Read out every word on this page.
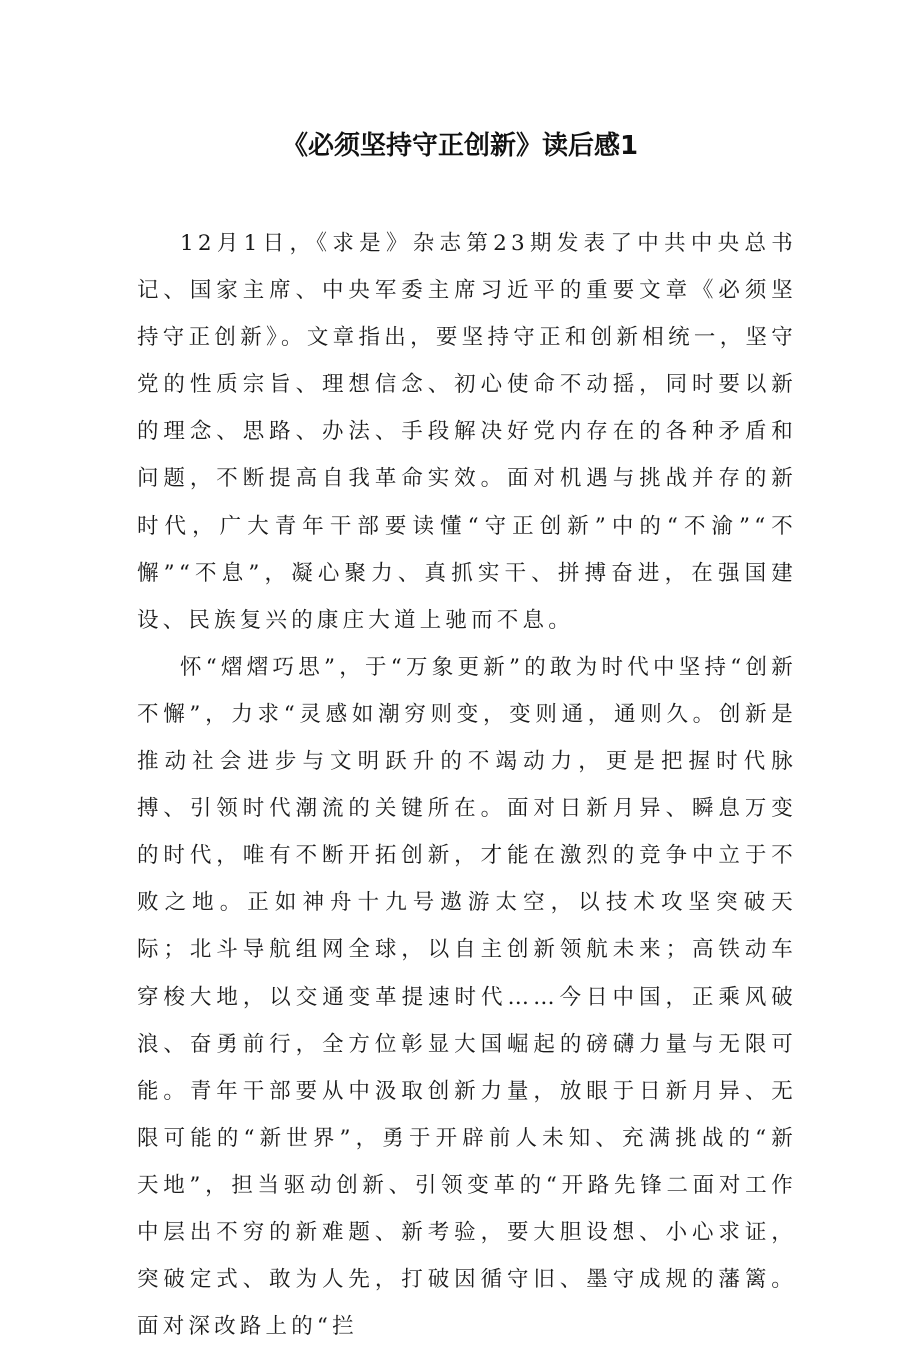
《必须坚持守正创新》读后感1

12月1日，《求是》杂志第23期发表了中共中央总书记、国家主席、中央军委主席习近平的重要文章《必须坚持守正创新》。文章指出，要坚持守正和创新相统一，坚守党的性质宗旨、理想信念、初心使命不动摇，同时要以新的理念、思路、办法、手段解决好党内存在的各种矛盾和问题，不断提高自我革命实效。面对机遇与挑战并存的新时代，广大青年干部要读懂“守正创新”中的“不渝”“不懈”“不息”，凝心聚力、真抓实干、拼搏奋进，在强国建设、民族复兴的康庄大道上驰而不息。

怀“熠熠巧思”，于“万象更新”的敢为时代中坚持“创新不懈”，力求“灵感如潮穷则变，变则通，通则久。创新是推动社会进步与文明跃升的不竭动力，更是把握时代脉搏、引领时代潮流的关键所在。面对日新月异、瞬息万变的时代，唯有不断开拓创新，才能在激烈的竞争中立于不败之地。正如神舟十九号遨游太空，以技术攻坚突破天际；北斗导航组网全球，以自主创新领航未来；高铁动车穿梭大地，以交通变革提速时代……今日中国，正乘风破浪、奋勇前行，全方位彰显大国崛起的磅礴力量与无限可能。青年干部要从中汲取创新力量，放眼于日新月异、无限可能的“新世界”，勇于开辟前人未知、充满挑战的“新天地”，担当驱动创新、引领变革的“开路先锋二面对工作中层出不穷的新难题、新考验，要大胆设想、小心求证，突破定式、敢为人先，打破因循守旧、墨守成规的藩篱。面对深改路上的“拦
